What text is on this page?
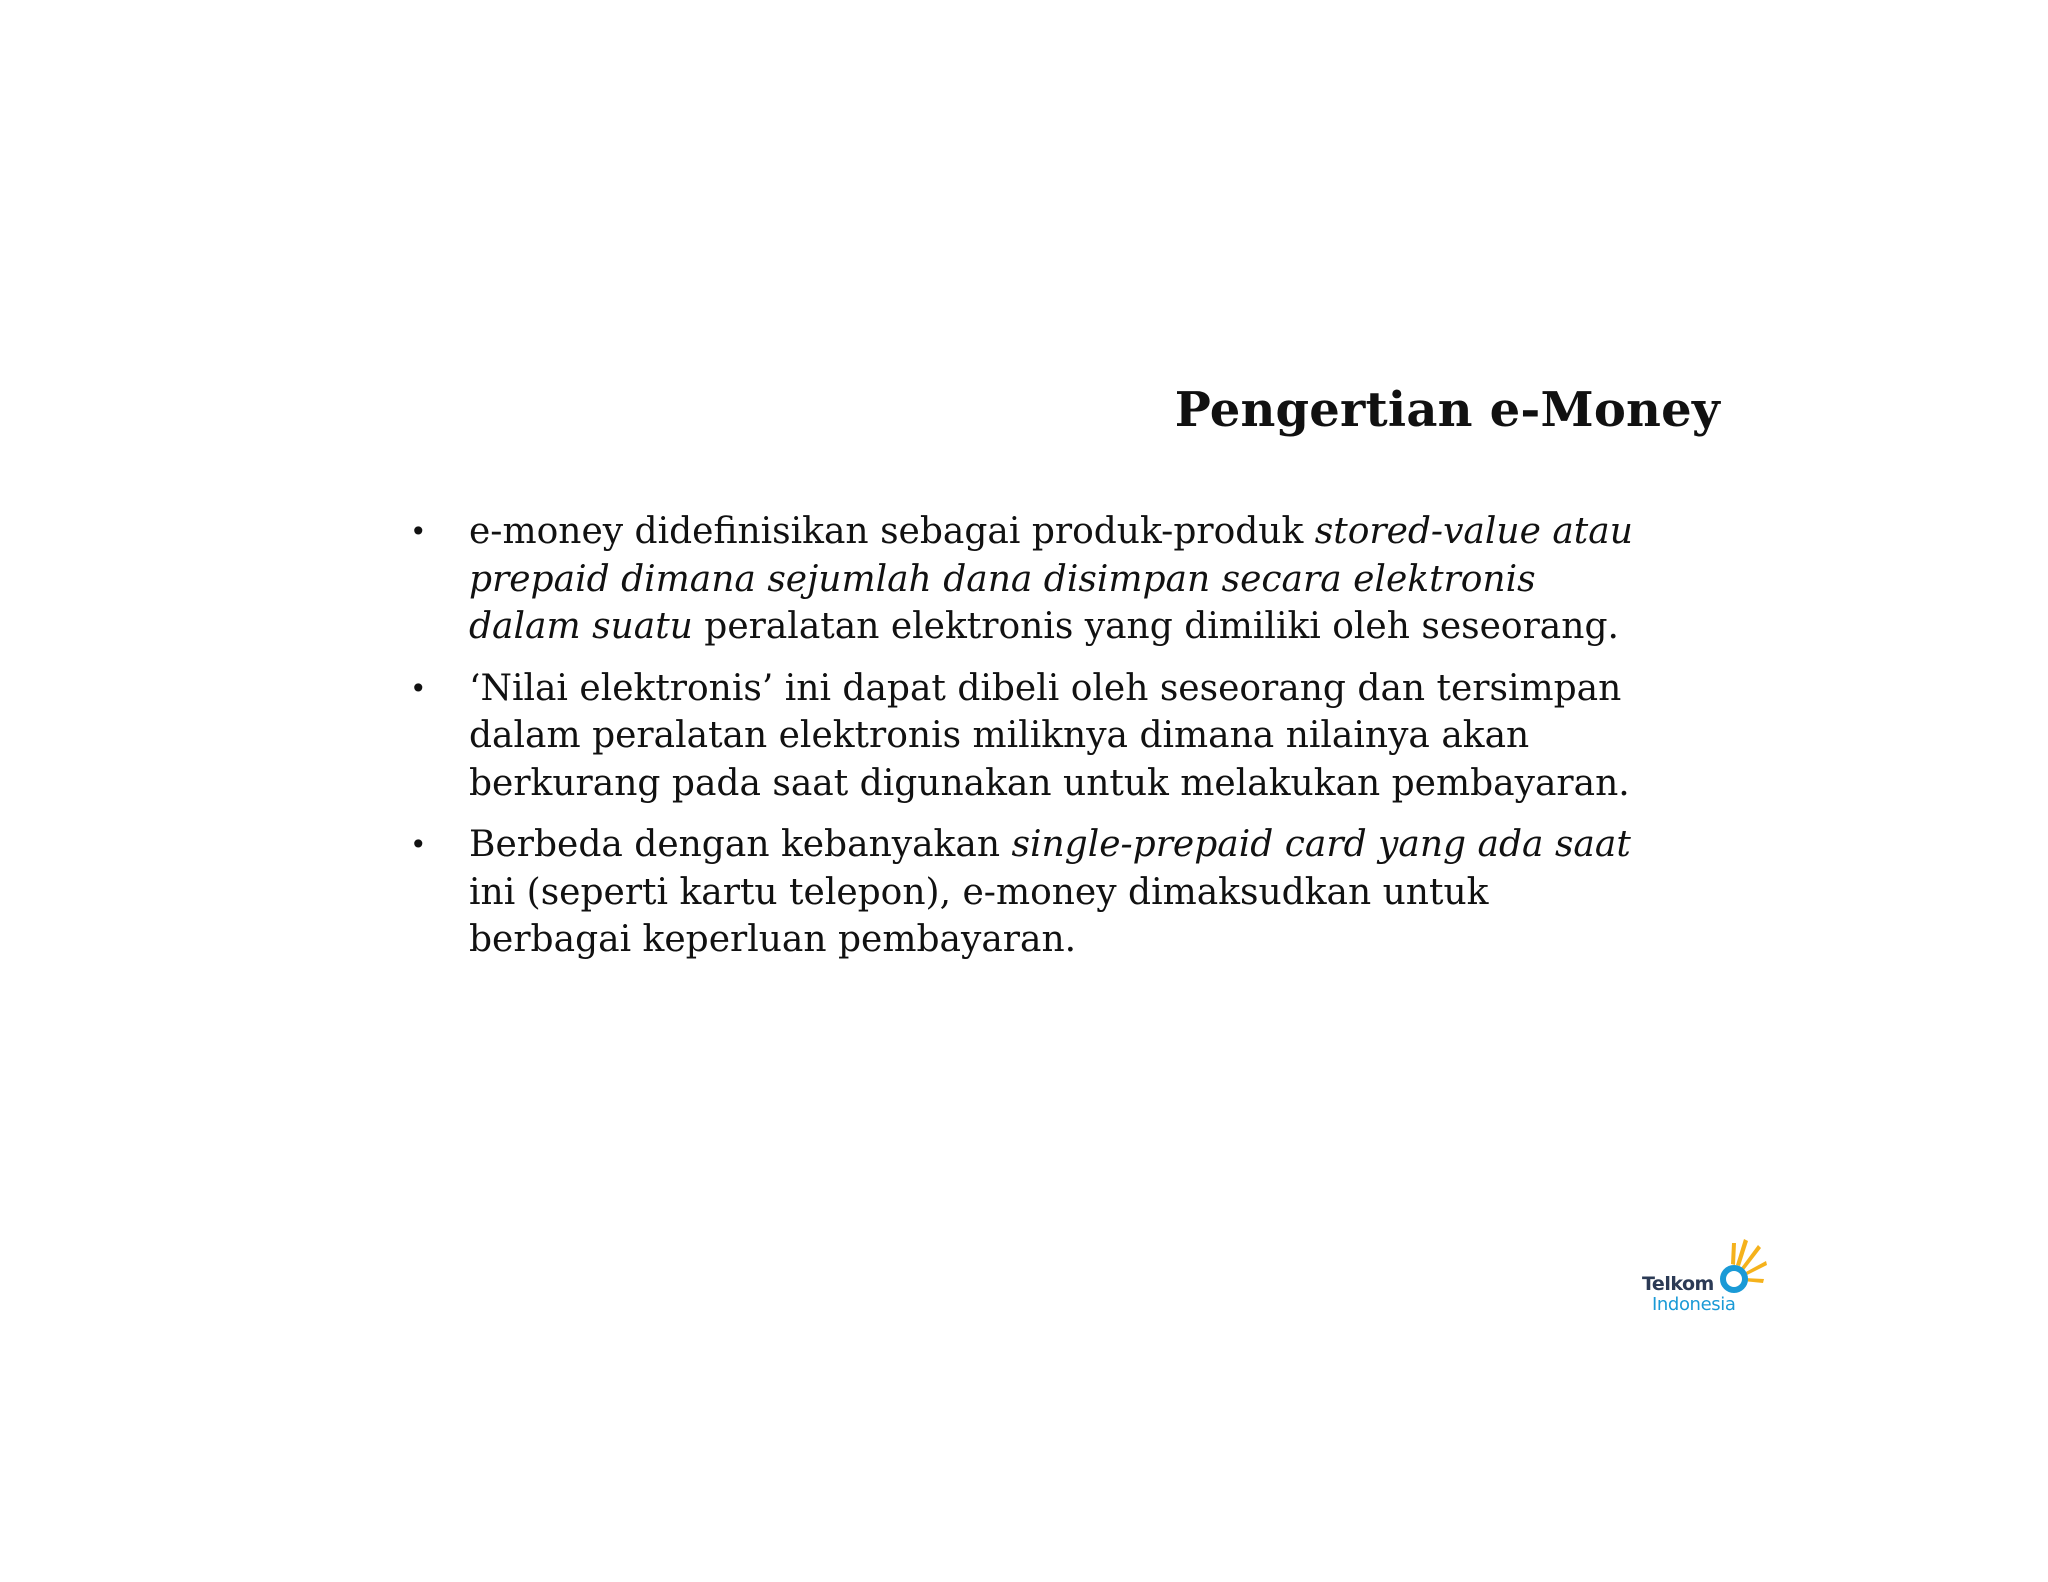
Pengertian e-Money
• e-money didefinisikan sebagai produk-produk stored-value atau prepaid dimana sejumlah dana disimpan secara elektronis dalam suatu peralatan elektronis yang dimiliki oleh seseorang.
• ‘Nilai elektronis’ ini dapat dibeli oleh seseorang dan tersimpan dalam peralatan elektronis miliknya dimana nilainya akan berkurang pada saat digunakan untuk melakukan pembayaran.
• Berbeda dengan kebanyakan single-prepaid card yang ada saat ini (seperti kartu telepon), e-money dimaksudkan untuk berbagai keperluan pembayaran.
Telkom
Indonesia
